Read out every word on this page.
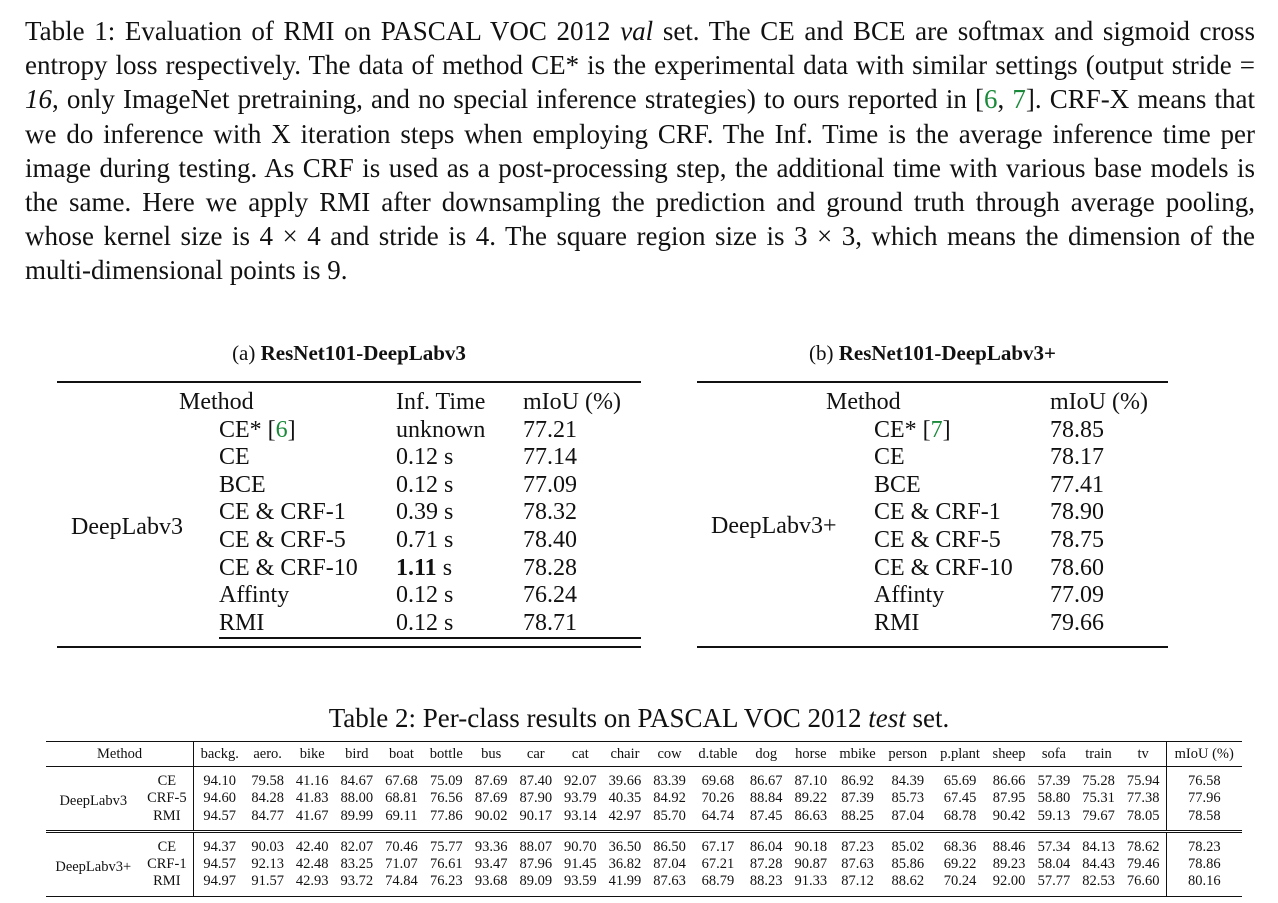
Table 1: Evaluation of RMI on PASCAL VOC 2012 val set. The CE and BCE are softmax and sigmoid cross entropy loss respectively. The data of method CE* is the experimental data with similar settings (output stride = 16, only ImageNet pretraining, and no special inference strategies) to ours reported in [6, 7]. CRF-X means that we do inference with X iteration steps when employing CRF. The Inf. Time is the average inference time per image during testing. As CRF is used as a post-processing step, the additional time with various base models is the same. Here we apply RMI after downsampling the prediction and ground truth through average pooling, whose kernel size is 4 × 4 and stride is 4. The square region size is 3 × 3, which means the dimension of the multi-dimensional points is 9.
(a) ResNet101-DeepLabv3	(b) ResNet101-DeepLabv3+
Method		Inf. Time	mIoU (%)
DeepLabv3	CE* [6]	unknown	77.21
	CE	0.12 s	77.14
	BCE	0.12 s	77.09
	CE & CRF-1	0.39 s	78.32
	CE & CRF-5	0.71 s	78.40
	CE & CRF-10	1.11 s	78.28
	Affinty	0.12 s	76.24
	RMI	0.12 s	78.71
Method		mIoU (%)
DeepLabv3+	CE* [7]	78.85
	CE	78.17
	BCE	77.41
	CE & CRF-1	78.90
	CE & CRF-5	78.75
	CE & CRF-10	78.60
	Affinty	77.09
	RMI	79.66
Table 2: Per-class results on PASCAL VOC 2012 test set.
Method		backg.	aero.	bike	bird	boat	bottle	bus	car	cat	chair	cow	d.table	dog	horse	mbike	person	p.plant	sheep	sofa	train	tv	mIoU (%)
DeepLabv3	CE	94.10	79.58	41.16	84.67	67.68	75.09	87.69	87.40	92.07	39.66	83.39	69.68	86.67	87.10	86.92	84.39	65.69	86.66	57.39	75.28	75.94	76.58
	CRF-5	94.60	84.28	41.83	88.00	68.81	76.56	87.69	87.90	93.79	40.35	84.92	70.26	88.84	89.22	87.39	85.73	67.45	87.95	58.80	75.31	77.38	77.96
	RMI	94.57	84.77	41.67	89.99	69.11	77.86	90.02	90.17	93.14	42.97	85.70	64.74	87.45	86.63	88.25	87.04	68.78	90.42	59.13	79.67	78.05	78.58

DeepLabv3+	CE	94.37	90.03	42.40	82.07	70.46	75.77	93.36	88.07	90.70	36.50	86.50	67.17	86.04	90.18	87.23	85.02	68.36	88.46	57.34	84.13	78.62	78.23
	CRF-1	94.57	92.13	42.48	83.25	71.07	76.61	93.47	87.96	91.45	36.82	87.04	67.21	87.28	90.87	87.63	85.86	69.22	89.23	58.04	84.43	79.46	78.86
	RMI	94.97	91.57	42.93	93.72	74.84	76.23	93.68	89.09	93.59	41.99	87.63	68.79	88.23	91.33	87.12	88.62	70.24	92.00	57.77	82.53	76.60	80.16
